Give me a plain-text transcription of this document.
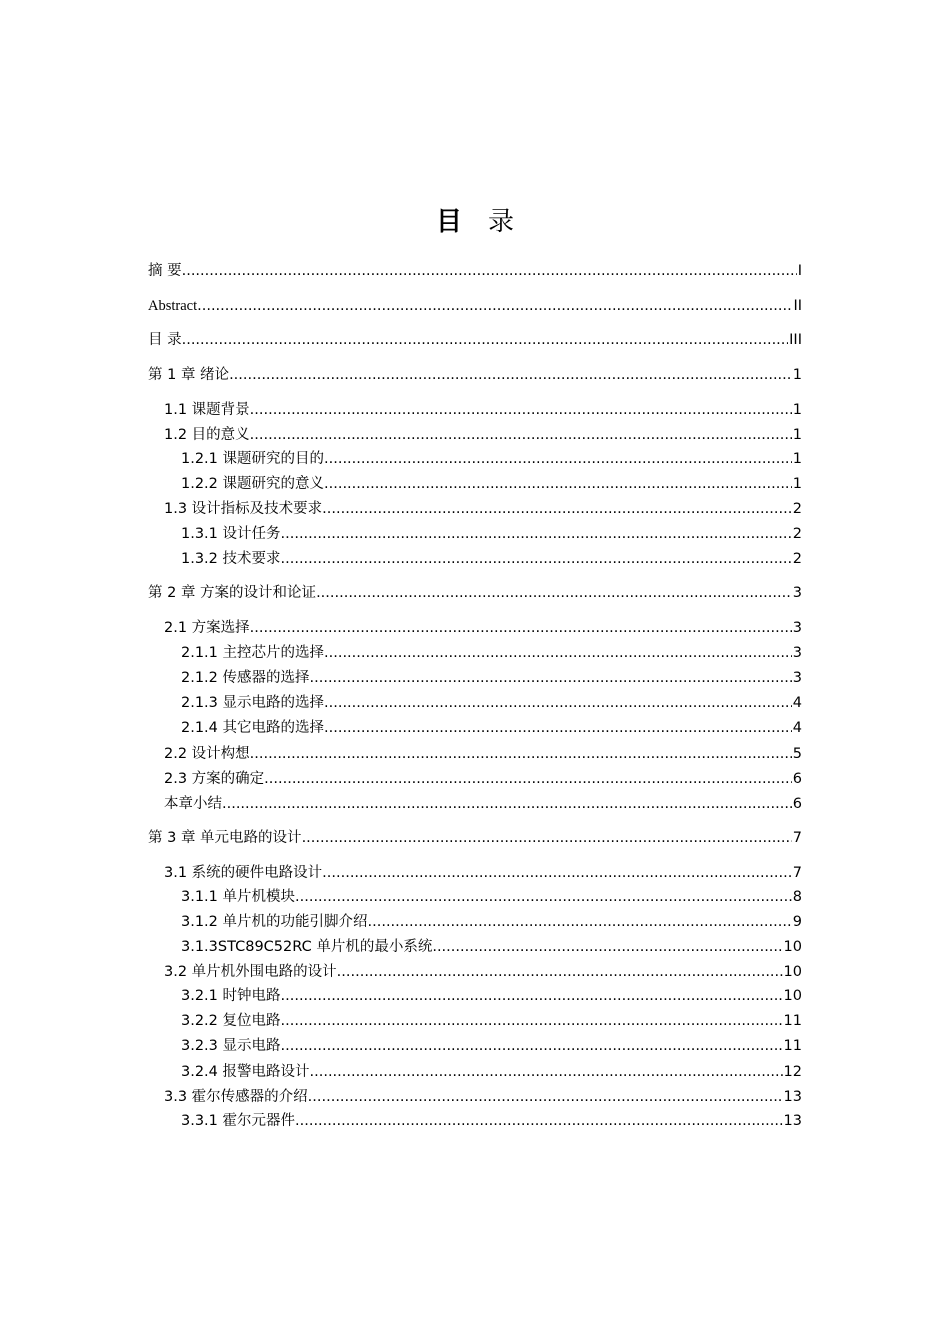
目录
摘 要 .....	I
Abstract .....	II
目 录 .....	III
第 1 章 绪论 .....	1
1.1 课题背景 .....	1
1.2 目的意义 .....	1
1.2.1 课题研究的目的 .....	1
1.2.2 课题研究的意义 .....	1
1.3 设计指标及技术要求 .....	2
1.3.1 设计任务 .....	2
1.3.2 技术要求 .....	2
第 2 章 方案的设计和论证 .....	3
2.1 方案选择 .....	3
2.1.1 主控芯片的选择 .....	3
2.1.2 传感器的选择 .....	3
2.1.3 显示电路的选择 .....	4
2.1.4 其它电路的选择 .....	4
2.2 设计构想 .....	5
2.3 方案的确定 .....	6
本章小结 .....	6
第 3 章 单元电路的设计 .....	7
3.1 系统的硬件电路设计 .....	7
3.1.1 单片机模块 .....	8
3.1.2 单片机的功能引脚介绍 .....	9
3.1.3STC89C52RC 单片机的最小系统 .....	10
3.2 单片机外围电路的设计 .....	10
3.2.1 时钟电路 .....	10
3.2.2 复位电路 .....	11
3.2.3 显示电路 .....	11
3.2.4 报警电路设计 .....	12
3.3 霍尔传感器的介绍 .....	13
3.3.1 霍尔元器件 .....	13
